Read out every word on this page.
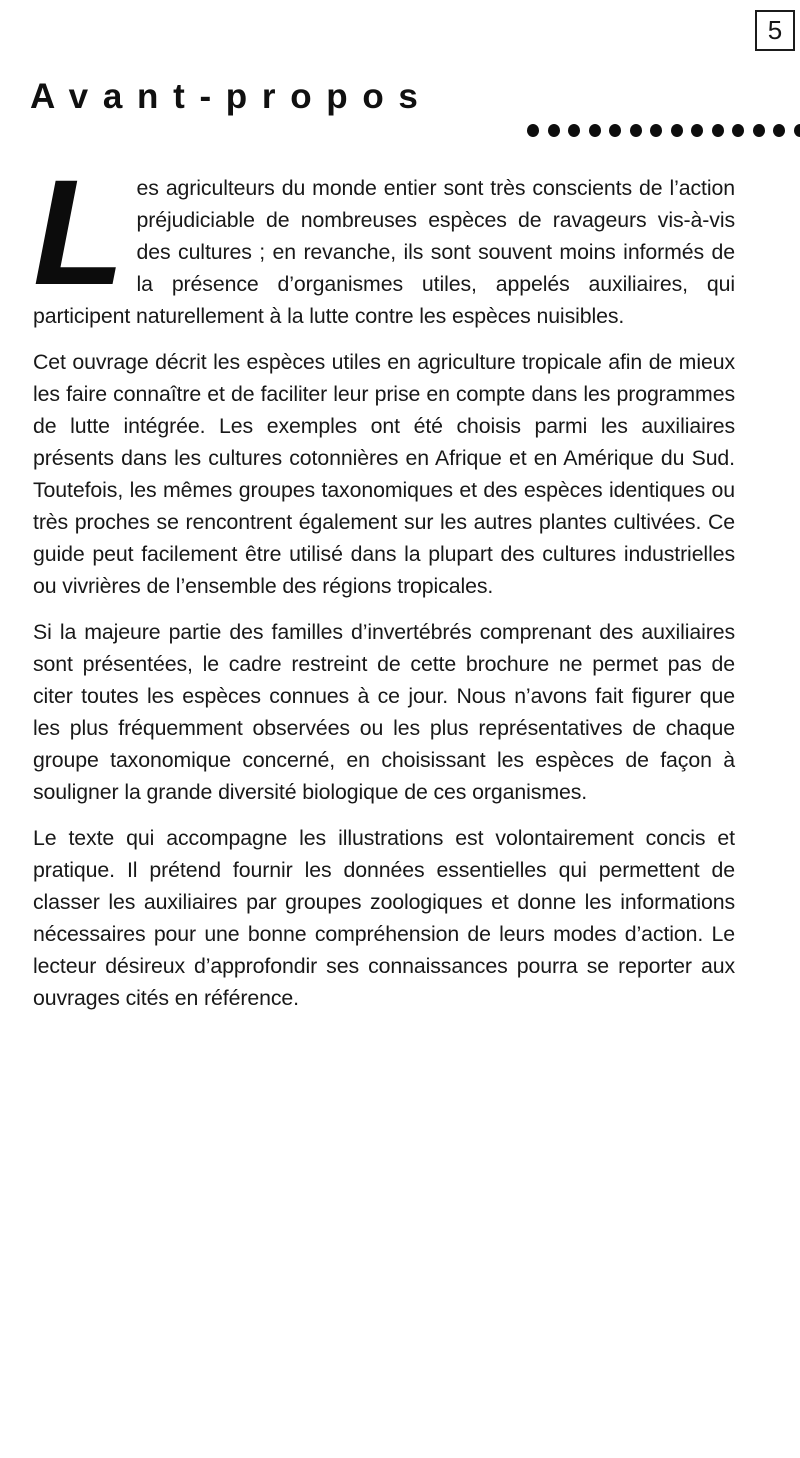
5
Avant-propos

Les agriculteurs du monde entier sont très conscients de l’action préjudiciable de nombreuses espèces de ravageurs vis-à-vis des cultures ; en revanche, ils sont souvent moins informés de la présence d’organismes utiles, appelés auxiliaires, qui participent naturellement à la lutte contre les espèces nuisibles.

Cet ouvrage décrit les espèces utiles en agriculture tropicale afin de mieux les faire connaître et de faciliter leur prise en compte dans les programmes de lutte intégrée. Les exemples ont été choisis parmi les auxiliaires présents dans les cultures cotonnières en Afrique et en Amérique du Sud. Toutefois, les mêmes groupes taxonomiques et des espèces identiques ou très proches se rencontrent également sur les autres plantes cultivées. Ce guide peut facilement être utilisé dans la plupart des cultures industrielles ou vivrières de l’ensemble des régions tropicales.

Si la majeure partie des familles d’invertébrés comprenant des auxiliaires sont présentées, le cadre restreint de cette brochure ne permet pas de citer toutes les espèces connues à ce jour. Nous n’avons fait figurer que les plus fréquemment observées ou les plus représentatives de chaque groupe taxonomique concerné, en choisissant les espèces de façon à souligner la grande diversité biologique de ces organismes.

Le texte qui accompagne les illustrations est volontairement concis et pratique. Il prétend fournir les données essentielles qui permettent de classer les auxiliaires par groupes zoologiques et donne les informations nécessaires pour une bonne compréhension de leurs modes d’action. Le lecteur désireux d’approfondir ses connaissances pourra se reporter aux ouvrages cités en référence.
